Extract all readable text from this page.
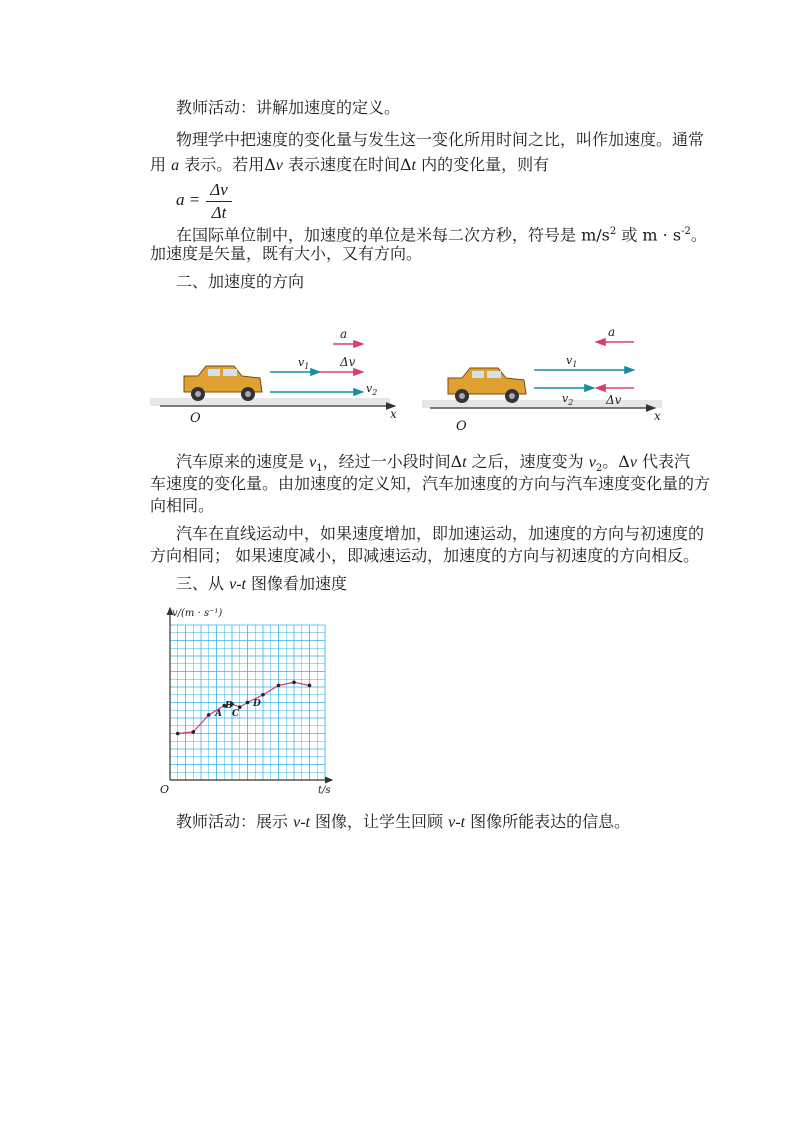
教师活动：讲解加速度的定义。
物理学中把速度的变化量与发生这一变化所用时间之比，叫作加速度。通常
用 a 表示。若用Δv 表示速度在时间Δt 内的变化量，则有
$a = \frac{\Delta v}{\Delta t}$
在国际单位制中，加速度的单位是米每二次方秒，符号是 $m/s^2$ 或 $m \cdot s^{-2}$。
加速度是矢量，既有大小，又有方向。
二、加速度的方向
a
$v_1$	Δv
$v_2$
O	x
a
$v_1$
$v_2$	Δv
O
x
汽车原来的速度是 $v_1$，经过一小段时间Δt 之后，速度变为 $v_2$。Δv 代表汽
车速度的变化量。由加速度的定义知，汽车加速度的方向与汽车速度变化量的方
向相同。
汽车在直线运动中，如果速度增加，即加速运动，加速度的方向与初速度的
方向相同； 如果速度减小，即减速运动，加速度的方向与初速度的方向相反。
三、从 v-t 图像看加速度
v/(m · s⁻¹)
t/s
O
A
B
C
D
教师活动：展示 v-t 图像，让学生回顾 v-t 图像所能表达的信息。
